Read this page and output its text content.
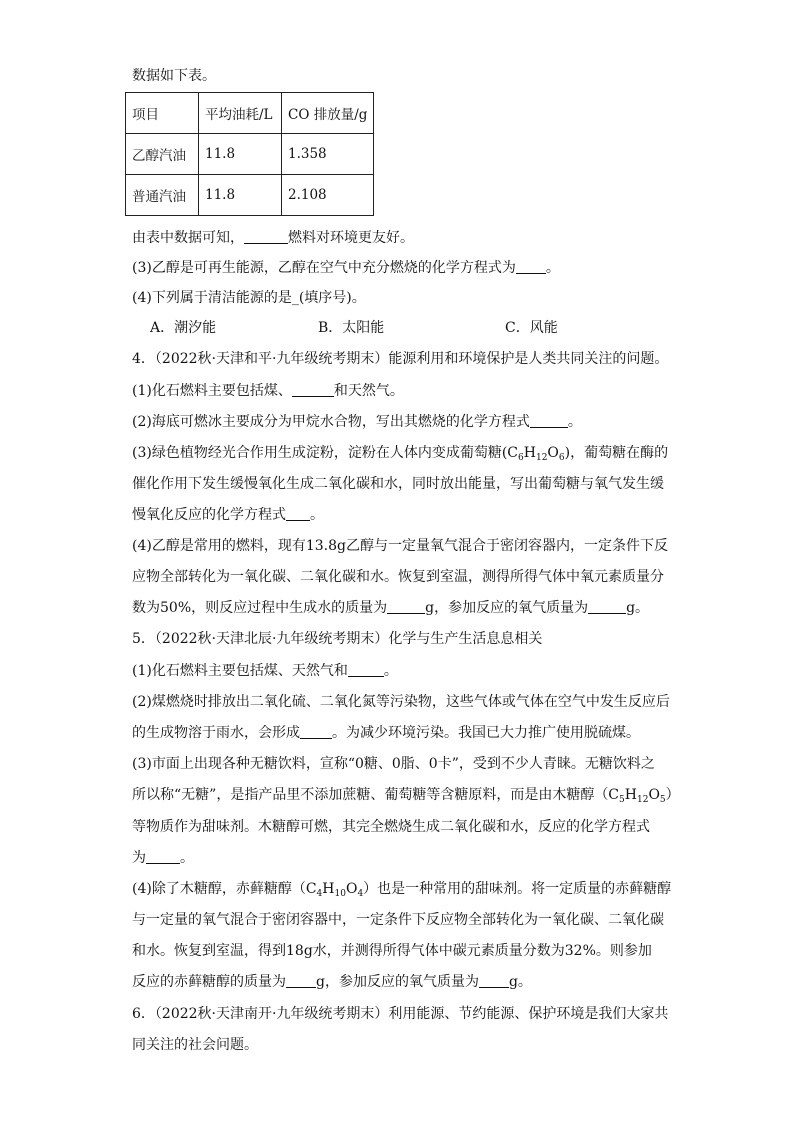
数据如下表。
项目	平均油耗/L	CO 排放量/g
乙醇汽油	11.8	1.358
普通汽油	11.8	2.108
由表中数据可知，	燃料对环境更友好。
(3)乙醇是可再生能源，乙醇在空气中充分燃烧的化学方程式为 。
(4)下列属于清洁能源的是_(填序号)。
A．潮汐能	B．太阳能	C．风能
4．（2022秋·天津和平·九年级统考期末）能源利用和环境保护是人类共同关注的问题。
(1)化石燃料主要包括煤、	和天然气。
(2)海底可燃冰主要成分为甲烷水合物，写出其燃烧的化学方程式	。
(3)绿色植物经光合作用生成淀粉，淀粉在人体内变成葡萄糖$(C_6H_{12}O_6)$，葡萄糖在酶的
催化作用下发生缓慢氧化生成二氧化碳和水，同时放出能量，写出葡萄糖与氧气发生缓
慢氧化反应的化学方程式 。
(4)乙醇是常用的燃料，现有13.8g乙醇与一定量氧气混合于密闭容器内，一定条件下反
应物全部转化为一氧化碳、二氧化碳和水。恢复到室温，测得所得气体中氧元素质量分
数为50%，则反应过程中生成水的质量为	g，参加反应的氧气质量为	g。
5．（2022秋·天津北辰·九年级统考期末）化学与生产生活息息相关
(1)化石燃料主要包括煤、天然气和	。
(2)煤燃烧时排放出二氧化硫、二氧化氮等污染物，这些气体或气体在空气中发生反应后
的生成物溶于雨水，会形成 。为减少环境污染。我国已大力推广使用脱硫煤。
(3)市面上出现各种无糖饮料，宣称“0糖、0脂、0卡”，受到不少人青睐。无糖饮料之
所以称“无糖”，是指产品里不添加蔗糖、葡萄糖等含糖原料，而是由木糖醇$(C_5H_{12}O_5)$
等物质作为甜味剂。木糖醇可燃，其完全燃烧生成二氧化碳和水，反应的化学方程式
为 。
(4)除了木糖醇，赤藓糖醇$(C_4H_{10}O_4)$也是一种常用的甜味剂。将一定质量的赤藓糖醇
与一定量的氧气混合于密闭容器中，一定条件下反应物全部转化为一氧化碳、二氧化碳
和水。恢复到室温，得到18g水，并测得所得气体中碳元素质量分数为32%。则参加
反应的赤藓糖醇的质量为 g，参加反应的氧气质量为 g。
6．（2022秋·天津南开·九年级统考期末）利用能源、节约能源、保护环境是我们大家共
同关注的社会问题。
